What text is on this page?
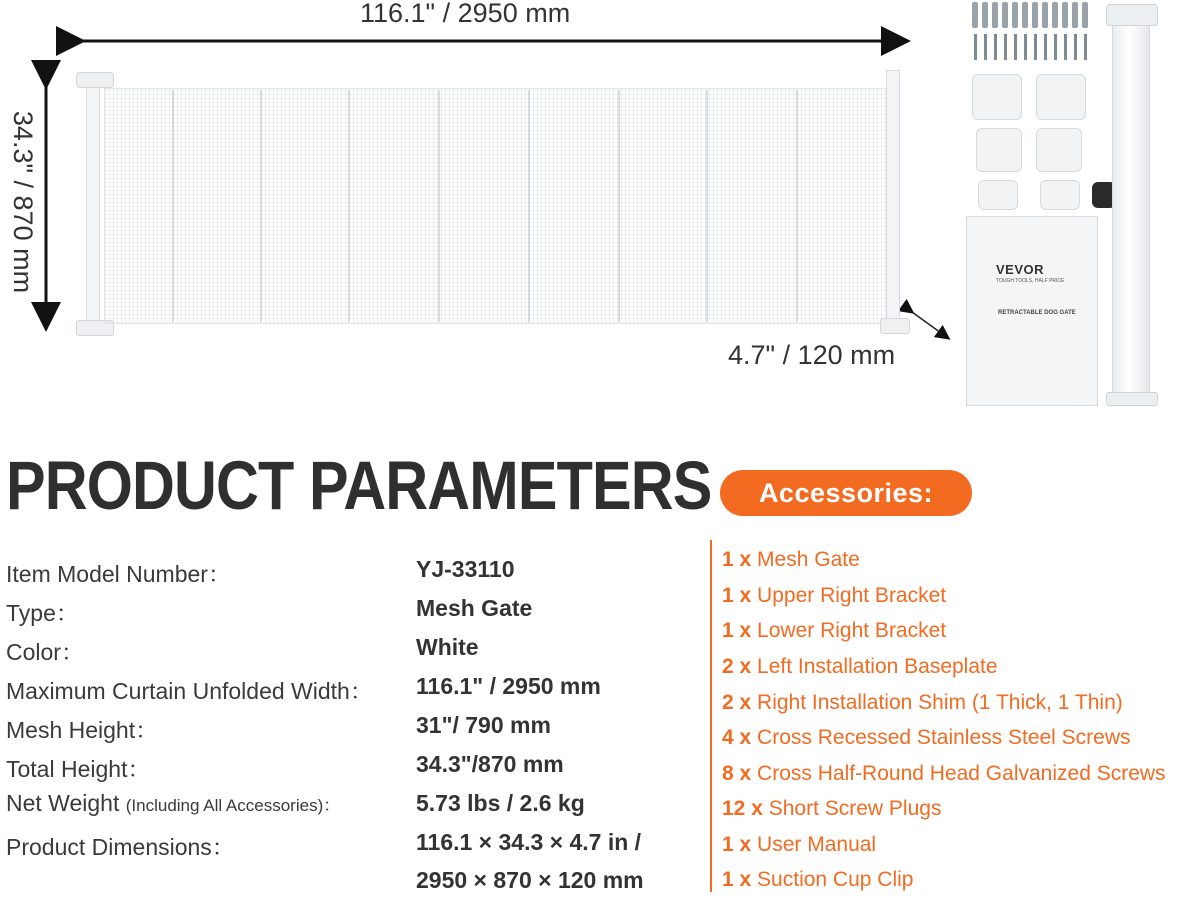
116.1" / 2950 mm
34.3" / 870 mm
4.7" / 120 mm
VEVOR
TOUGH TOOLS, HALF PRICE
RETRACTABLE DOG GATE
PRODUCT PARAMETERS	Accessories:
Item Model Number：	YJ-33110
Type：	Mesh Gate
Color：	White
Maximum Curtain Unfolded Width： 116.1" / 2950 mm
Mesh Height：	31"/ 790 mm
Total Height：	34.3"/870 mm
Net Weight (Including All Accessories)：	5.73 lbs / 2.6 kg
Product Dimensions：	116.1 × 34.3 × 4.7 in /
2950 × 870 × 120 mm
1 x Mesh Gate
1 x Upper Right Bracket
1 x Lower Right Bracket
2 x Left Installation Baseplate
2 x Right Installation Shim (1 Thick, 1 Thin)
4 x Cross Recessed Stainless Steel Screws
8 x Cross Half-Round Head Galvanized Screws
12 x Short Screw Plugs
1 x User Manual
1 x Suction Cup Clip
